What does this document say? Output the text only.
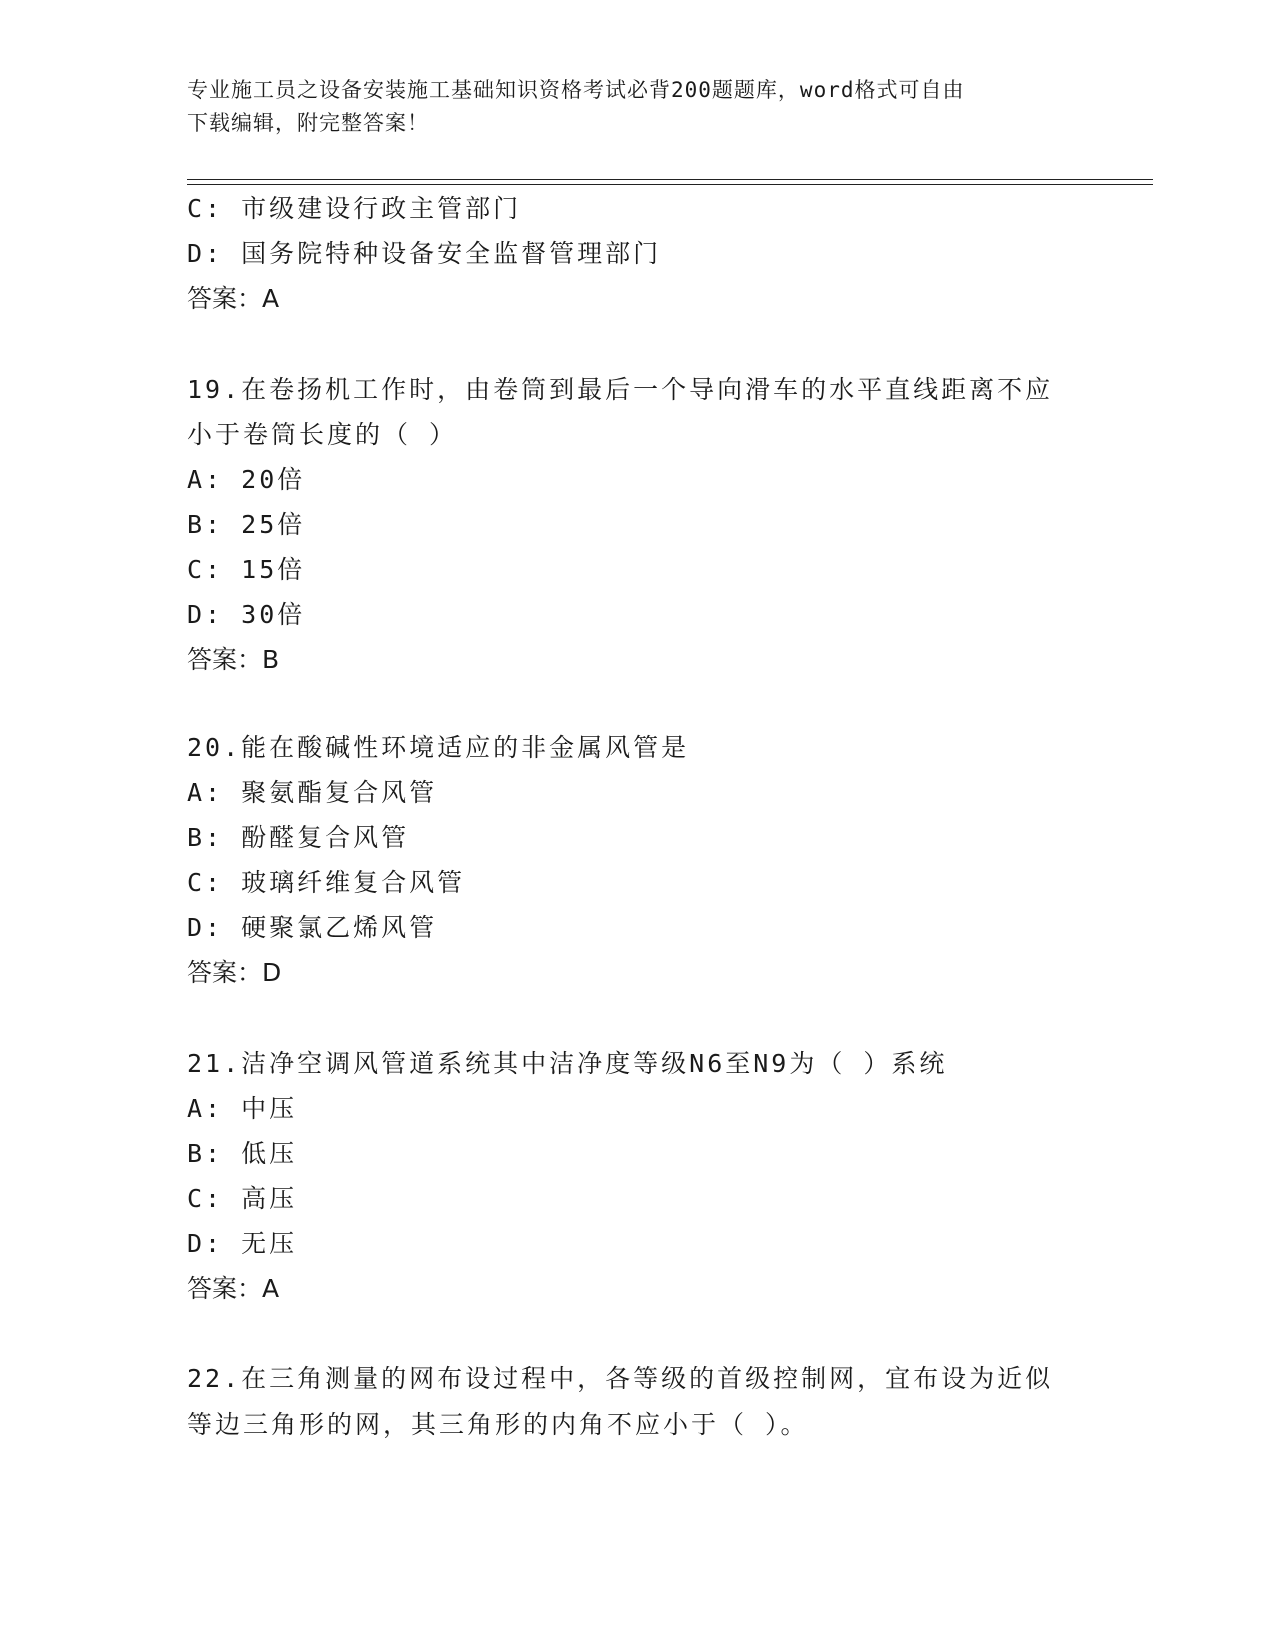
专业施工员之设备安装施工基础知识资格考试必背200题题库，word格式可自由
下载编辑，附完整答案！

C: 市级建设行政主管部门

D: 国务院特种设备安全监督管理部门

答案：A

19.在卷扬机工作时，由卷筒到最后一个导向滑车的水平直线距离不应

小于卷筒长度的（ ）

A: 20倍

B: 25倍

C: 15倍

D: 30倍

答案：B

20.能在酸碱性环境适应的非金属风管是

A: 聚氨酯复合风管

B: 酚醛复合风管

C: 玻璃纤维复合风管

D: 硬聚氯乙烯风管

答案：D

21.洁净空调风管道系统其中洁净度等级N6至N9为（ ）系统

A: 中压

B: 低压

C: 高压

D: 无压

答案：A

22.在三角测量的网布设过程中，各等级的首级控制网，宜布设为近似

等边三角形的网，其三角形的内角不应小于（ ）。
